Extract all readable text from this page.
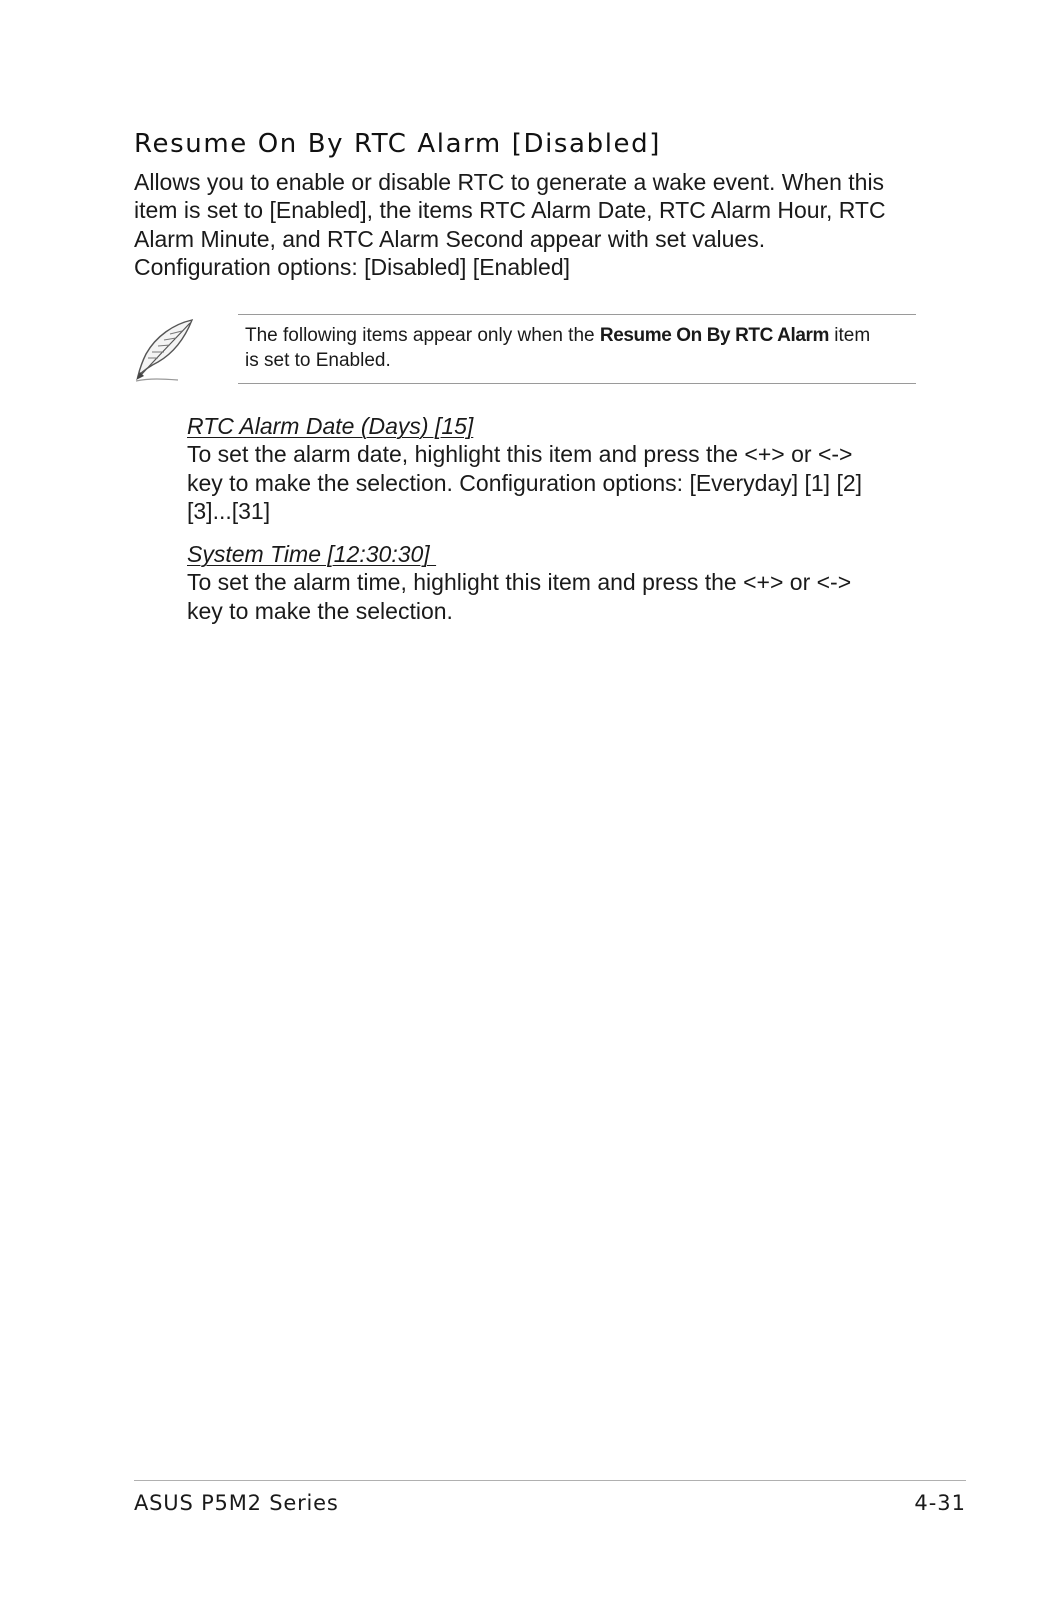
Resume On By RTC Alarm [Disabled]

Allows you to enable or disable RTC to generate a wake event. When this
item is set to [Enabled], the items RTC Alarm Date, RTC Alarm Hour, RTC
Alarm Minute, and RTC Alarm Second appear with set values.
Configuration options: [Disabled] [Enabled]

The following items appear only when the Resume On By RTC Alarm item
is set to Enabled.

RTC Alarm Date (Days) [15]
To set the alarm date, highlight this item and press the <+> or <->
key to make the selection. Configuration options: [Everyday] [1] [2]
[3]...[31]
System Time [12:30:30]
To set the alarm time, highlight this item and press the <+> or <->
key to make the selection.
ASUS P5M2 Series	4-31
